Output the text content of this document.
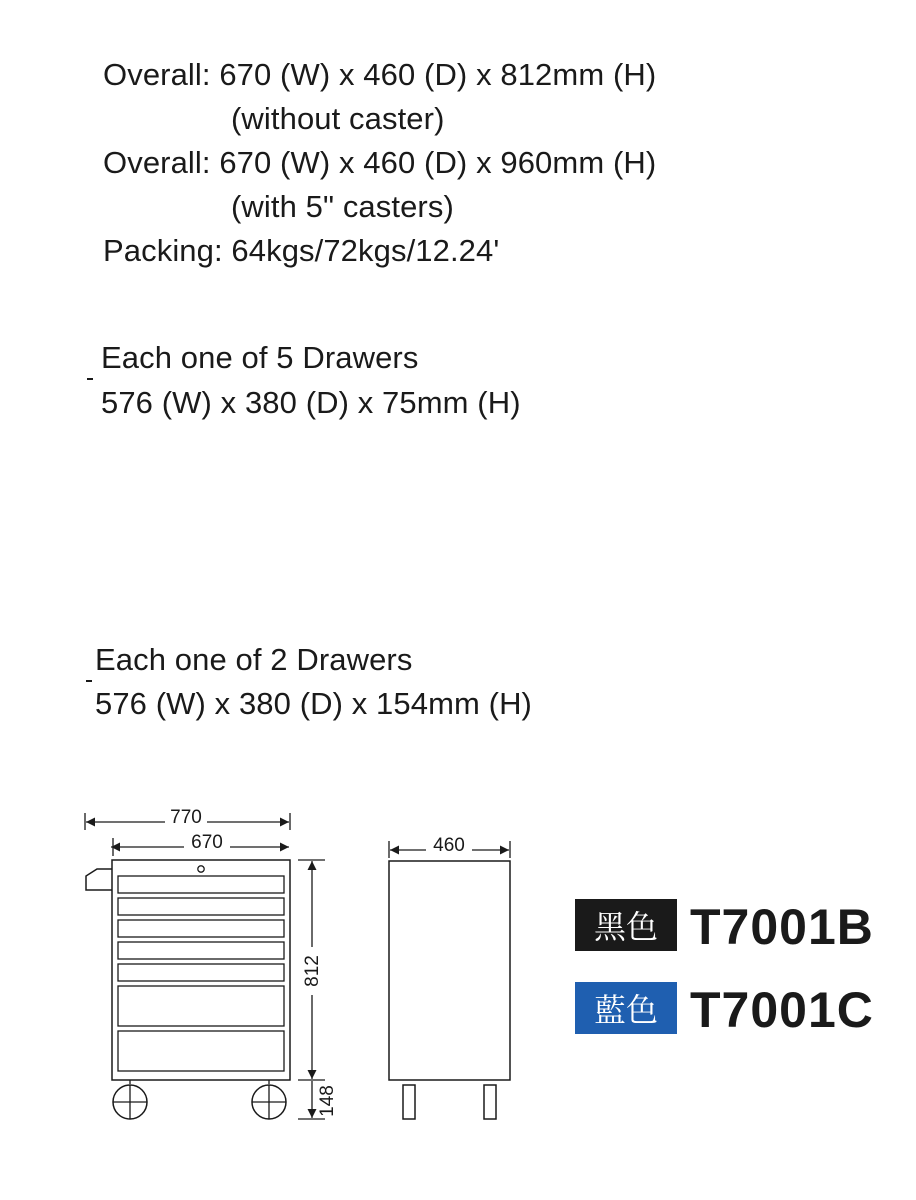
Overall: 670 (W) x 460 (D) x 812mm (H)
(without caster)
Overall: 670 (W) x 460 (D) x 960mm (H)
(with 5" casters)
Packing: 64kgs/72kgs/12.24'
Each one of 5 Drawers
576 (W) x 380 (D) x 75mm (H)
Each one of 2 Drawers
576 (W) x 380 (D) x 154mm (H)
770
670
812
148
460
黑色 T7001B
藍色 T7001C
